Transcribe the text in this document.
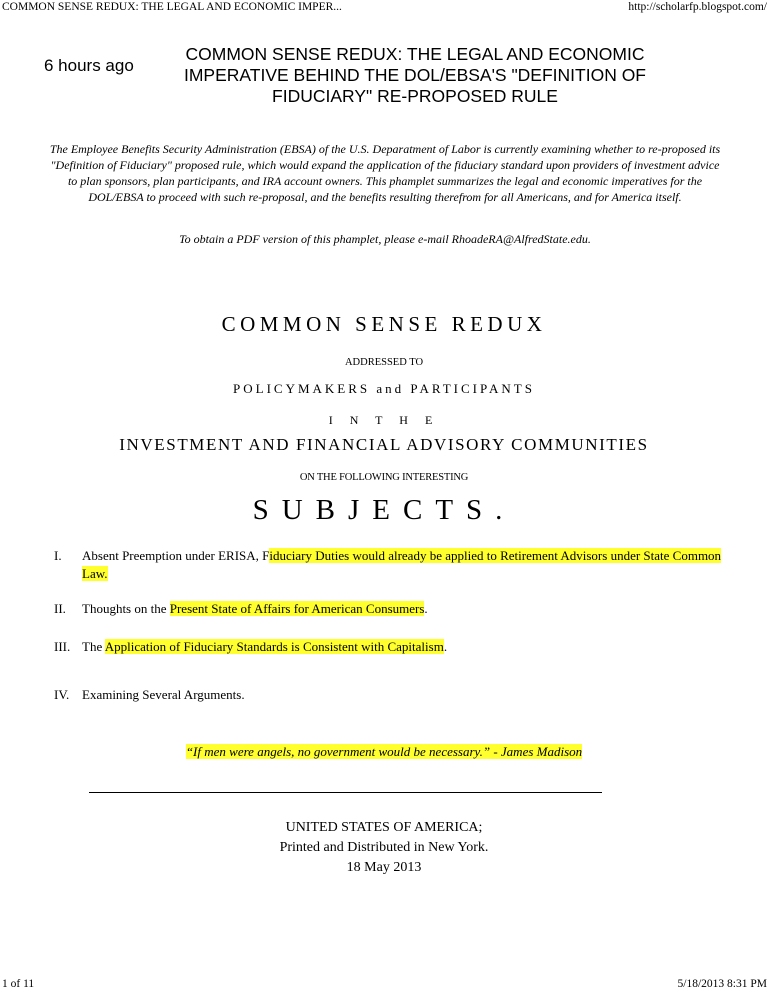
COMMON SENSE REDUX: THE LEGAL AND ECONOMIC IMPER...	http://scholarfp.blogspot.com/
6 hours ago
COMMON SENSE REDUX: THE LEGAL AND ECONOMIC IMPERATIVE BEHIND THE DOL/EBSA'S "DEFINITION OF FIDUCIARY" RE-PROPOSED RULE
The Employee Benefits Security Administration (EBSA) of the U.S. Deparatment of Labor is currently examining whether to re-proposed its "Definition of Fiduciary" proposed rule, which would expand the application of the fiduciary standard upon providers of investment advice to plan sponsors, plan participants, and IRA account owners. This phamplet summarizes the legal and economic imperatives for the DOL/EBSA to proceed with such re-proposal, and the benefits resulting therefrom for all Americans, and for America itself.
To obtain a PDF version of this phamplet, please e-mail RhoadeRA@AlfredState.edu.
COMMON SENSE REDUX
ADDRESSED TO
POLICYMAKERS and PARTICIPANTS
I N T H E
INVESTMENT AND FINANCIAL ADVISORY COMMUNITIES
ON THE FOLLOWING INTERESTING
SUBJECTS.
I. Absent Preemption under ERISA, Fiduciary Duties would already be applied to Retirement Advisors under State Common Law.
II. Thoughts on the Present State of Affairs for American Consumers.
III. The Application of Fiduciary Standards is Consistent with Capitalism.
IV. Examining Several Arguments.
“If men were angels, no government would be necessary.” - James Madison
UNITED STATES OF AMERICA;
Printed and Distributed in New York.
18 May 2013
1 of 11	5/18/2013 8:31 PM
